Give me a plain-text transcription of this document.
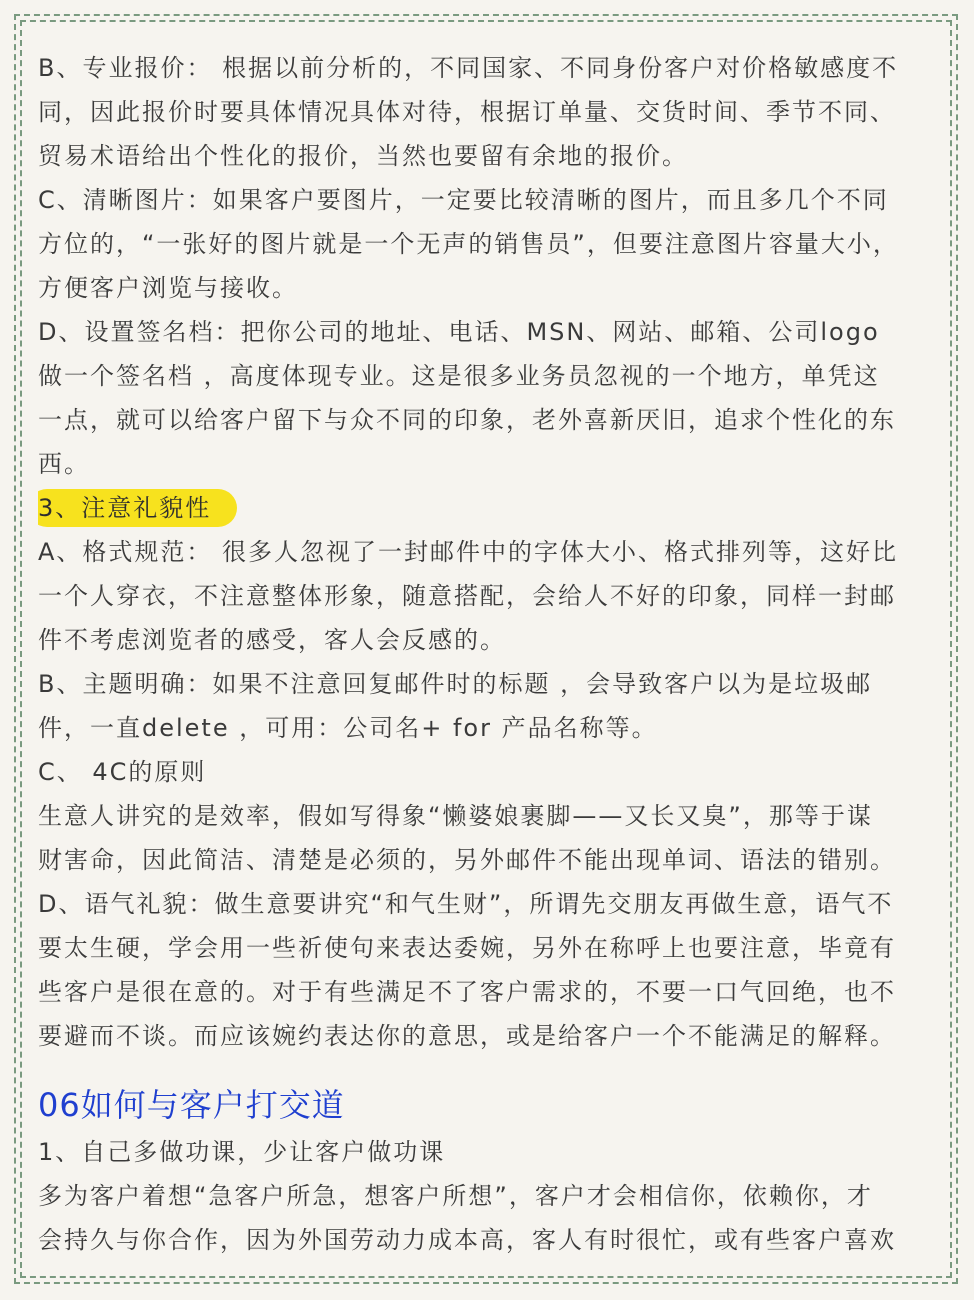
B、专业报价： 根据以前分析的，不同国家、不同身份客户对价格敏感度不
同，因此报价时要具体情况具体对待，根据订单量、交货时间、季节不同、
贸易术语给出个性化的报价，当然也要留有余地的报价。
C、清晰图片：如果客户要图片，一定要比较清晰的图片，而且多几个不同
方位的，“一张好的图片就是一个无声的销售员”，但要注意图片容量大小，
方便客户浏览与接收。
D、设置签名档：把你公司的地址、电话、MSN、网站、邮箱、公司logo
做一个签名档 ，高度体现专业。这是很多业务员忽视的一个地方，单凭这
一点，就可以给客户留下与众不同的印象，老外喜新厌旧，追求个性化的东
西。
3、注意礼貌性
A、格式规范： 很多人忽视了一封邮件中的字体大小、格式排列等，这好比
一个人穿衣，不注意整体形象，随意搭配，会给人不好的印象，同样一封邮
件不考虑浏览者的感受，客人会反感的。
B、主题明确：如果不注意回复邮件时的标题 ，会导致客户以为是垃圾邮
件，一直delete ，可用：公司名+ for 产品名称等。
C、 4C的原则
生意人讲究的是效率，假如写得象“懒婆娘裹脚——又长又臭”，那等于谋
财害命，因此简洁、清楚是必须的，另外邮件不能出现单词、语法的错别。
D、语气礼貌：做生意要讲究“和气生财”，所谓先交朋友再做生意，语气不
要太生硬，学会用一些祈使句来表达委婉，另外在称呼上也要注意，毕竟有
些客户是很在意的。对于有些满足不了客户需求的，不要一口气回绝，也不
要避而不谈。而应该婉约表达你的意思，或是给客户一个不能满足的解释。
06如何与客户打交道
1、自己多做功课，少让客户做功课
多为客户着想“急客户所急，想客户所想”，客户才会相信你，依赖你，才
会持久与你合作，因为外国劳动力成本高，客人有时很忙，或有些客户喜欢
